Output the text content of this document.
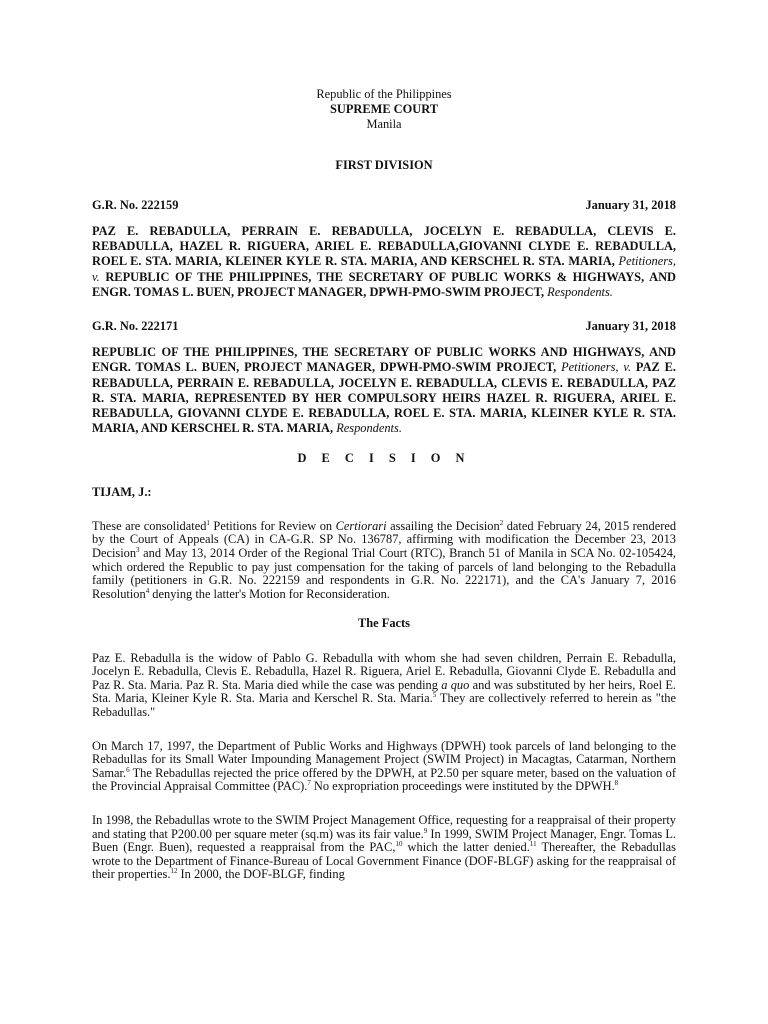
Republic of the Philippines
SUPREME COURT
Manila
FIRST DIVISION
G.R. No. 222159	January 31, 2018
PAZ E. REBADULLA, PERRAIN E. REBADULLA, JOCELYN E. REBADULLA, CLEVIS E. REBADULLA, HAZEL R. RIGUERA, ARIEL E. REBADULLA,GIOVANNI CLYDE E. REBADULLA, ROEL E. STA. MARIA, KLEINER KYLE R. STA. MARIA, AND KERSCHEL R. STA. MARIA, Petitioners, v. REPUBLIC OF THE PHILIPPINES, THE SECRETARY OF PUBLIC WORKS & HIGHWAYS, AND ENGR. TOMAS L. BUEN, PROJECT MANAGER, DPWH-PMO-SWIM PROJECT, Respondents.
G.R. No. 222171	January 31, 2018
REPUBLIC OF THE PHILIPPINES, THE SECRETARY OF PUBLIC WORKS AND HIGHWAYS, AND ENGR. TOMAS L. BUEN, PROJECT MANAGER, DPWH-PMO-SWIM PROJECT, Petitioners, v. PAZ E. REBADULLA, PERRAIN E. REBADULLA, JOCELYN E. REBADULLA, CLEVIS E. REBADULLA, PAZ R. STA. MARIA, REPRESENTED BY HER COMPULSORY HEIRS HAZEL R. RIGUERA, ARIEL E. REBADULLA, GIOVANNI CLYDE E. REBADULLA, ROEL E. STA. MARIA, KLEINER KYLE R. STA. MARIA, AND KERSCHEL R. STA. MARIA, Respondents.
D E C I S I O N
TIJAM, J.:

These are consolidated$^1$ Petitions for Review on Certiorari assailing the Decision$^2$ dated February 24, 2015 rendered by the Court of Appeals (CA) in CA-G.R. SP No. 136787, affirming with modification the December 23, 2013 Decision$^3$ and May 13, 2014 Order of the Regional Trial Court (RTC), Branch 51 of Manila in SCA No. 02-105424, which ordered the Republic to pay just compensation for the taking of parcels of land belonging to the Rebadulla family (petitioners in G.R. No. 222159 and respondents in G.R. No. 222171), and the CA's January 7, 2016 Resolution$^4$ denying the latter's Motion for Reconsideration.

The Facts

Paz E. Rebadulla is the widow of Pablo G. Rebadulla with whom she had seven children, Perrain E. Rebadulla, Jocelyn E. Rebadulla, Clevis E. Rebadulla, Hazel R. Riguera, Ariel E. Rebadulla, Giovanni Clyde E. Rebadulla and Paz R. Sta. Maria. Paz R. Sta. Maria died while the case was pending a quo and was substituted by her heirs, Roel E. Sta. Maria, Kleiner Kyle R. Sta. Maria and Kerschel R. Sta. Maria.$^5$ They are collectively referred to herein as "the Rebadullas."

On March 17, 1997, the Department of Public Works and Highways (DPWH) took parcels of land belonging to the Rebadullas for its Small Water Impounding Management Project (SWIM Project) in Macagtas, Catarman, Northern Samar.$^6$ The Rebadullas rejected the price offered by the DPWH, at P2.50 per square meter, based on the valuation of the Provincial Appraisal Committee (PAC).$^7$ No expropriation proceedings were instituted by the DPWH.$^8$

In 1998, the Rebadullas wrote to the SWIM Project Management Office, requesting for a reappraisal of their property and stating that P200.00 per square meter (sq.m) was its fair value.$^9$ In 1999, SWIM Project Manager, Engr. Tomas L. Buen (Engr. Buen), requested a reappraisal from the PAC,$^{10}$ which the latter denied.$^{11}$ Thereafter, the Rebadullas wrote to the Department of Finance-Bureau of Local Government Finance (DOF-BLGF) asking for the reappraisal of their properties.$^{12}$ In 2000, the DOF-BLGF, finding
